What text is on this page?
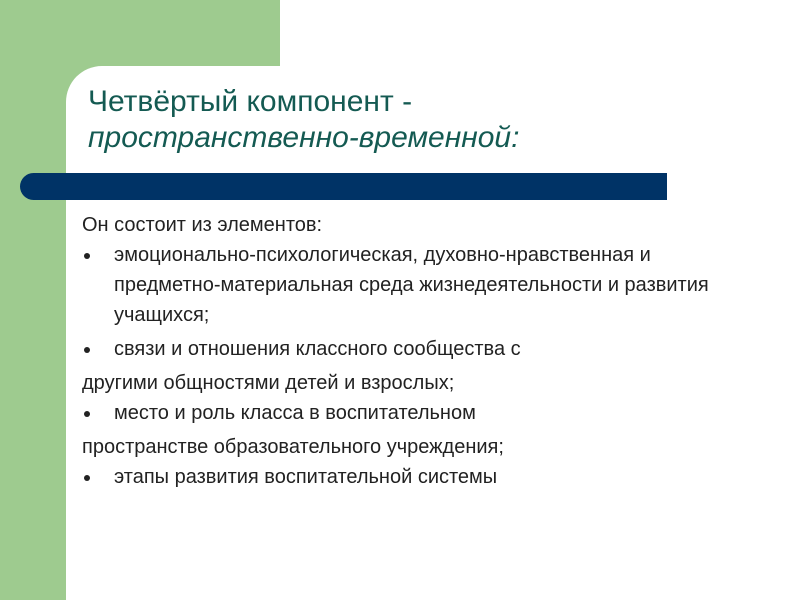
Четвёртый компонент -
пространственно-временной:

Он состоит из элементов:

эмоционально-психологическая, духовно-нравственная и предметно-материальная среда жизнедеятельности и развития учащихся;
связи и отношения классного сообщества с

другими общностями детей и взрослых;

место и роль класса в воспитательном

пространстве образовательного учреждения;

этапы развития воспитательной системы
